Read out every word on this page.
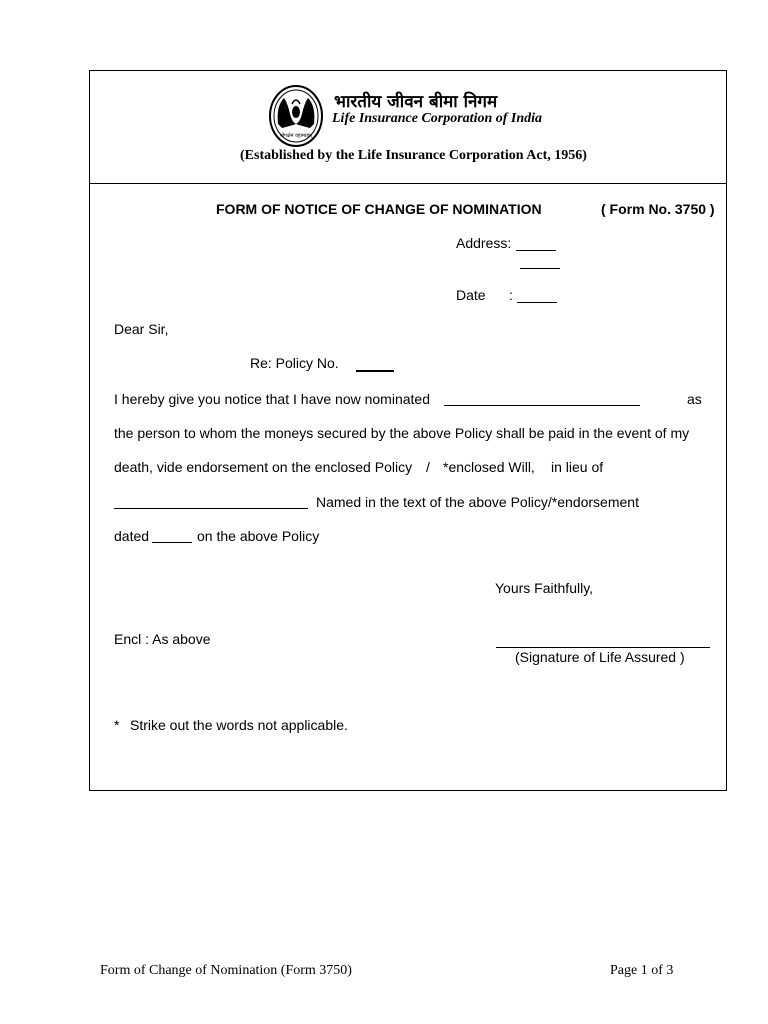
योगक्षेमं वहाम्यहम्
भारतीय जीवन बीमा निगम
Life Insurance Corporation of India
(Established by the Life Insurance Corporation Act, 1956)
FORM OF NOTICE OF CHANGE OF NOMINATION	( Form No. 3750 )
Address:
Date :
Dear Sir,
Re: Policy No.
I hereby give you notice that I have now nominated	as
the person to whom the moneys secured by the above Policy shall be paid in the event of my
death, vide endorsement on the enclosed Policy / *enclosed Will, in lieu of
Named in the text of the above Policy/*endorsement
dated	on the above Policy
Yours Faithfully,
Encl : As above
(Signature of Life Assured )
* Strike out the words not applicable.
Form of Change of Nomination (Form 3750)	Page 1 of 3
